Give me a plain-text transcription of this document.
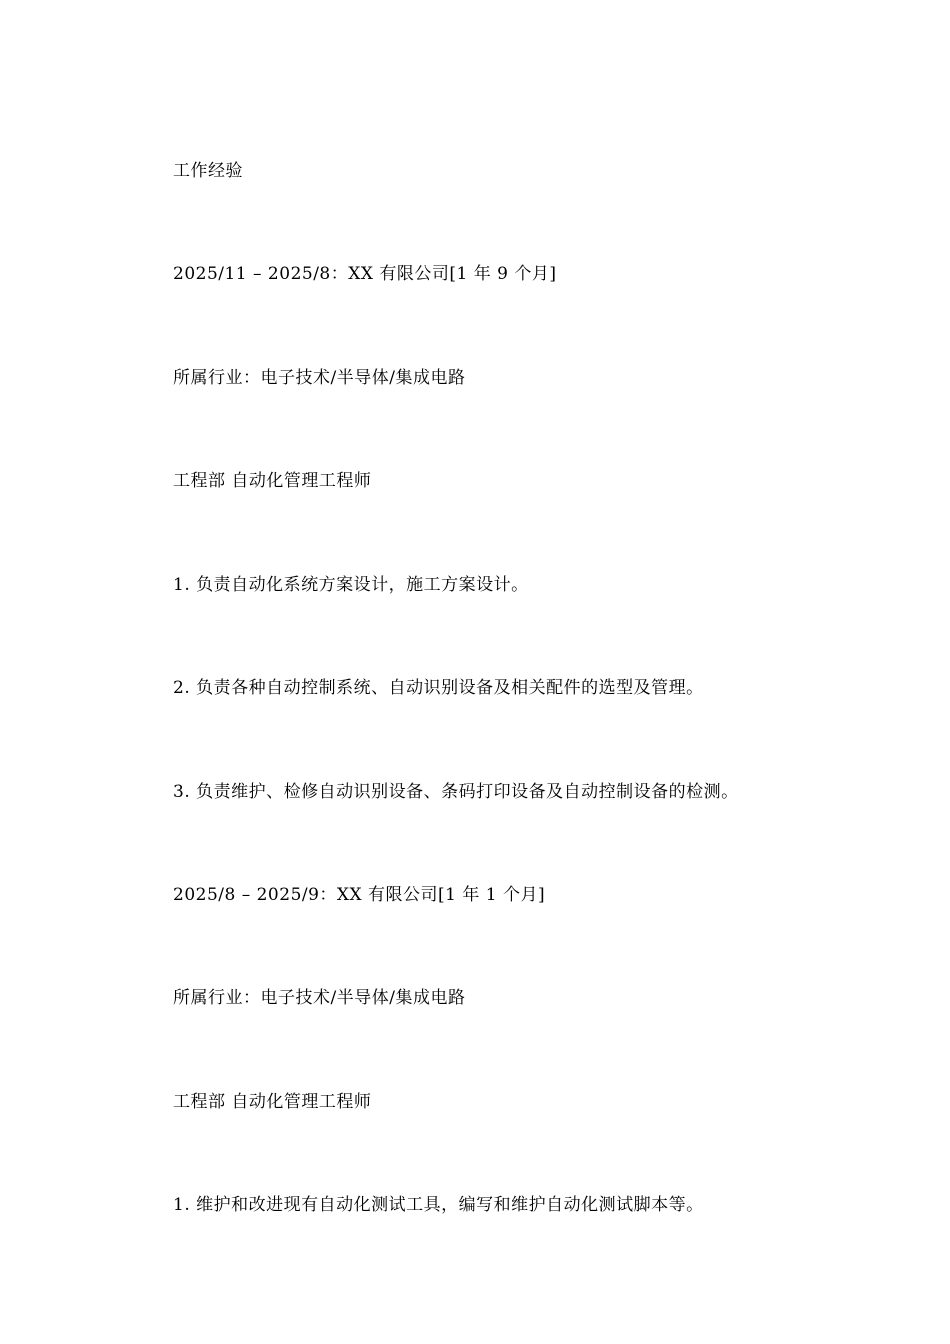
工作经验
2025/11 – 2025/8：XX 有限公司[1 年 9 个月]
所属行业：电子技术/半导体/集成电路
工程部 自动化管理工程师
1. 负责自动化系统方案设计，施工方案设计。
2. 负责各种自动控制系统、自动识别设备及相关配件的选型及管理。
3. 负责维护、检修自动识别设备、条码打印设备及自动控制设备的检测。
2025/8 – 2025/9：XX 有限公司[1 年 1 个月]
所属行业：电子技术/半导体/集成电路
工程部 自动化管理工程师
1. 维护和改进现有自动化测试工具，编写和维护自动化测试脚本等。
